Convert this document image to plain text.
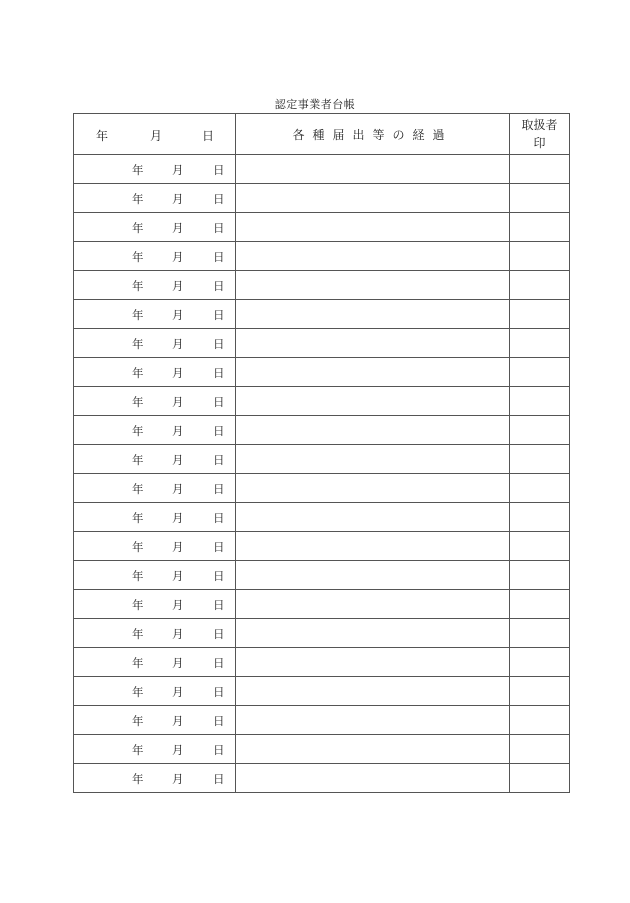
認定事業者台帳
年 月 日	各種届出等の経過	取扱者
印

年 月 日		

年 月 日		

年 月 日		

年 月 日		

年 月 日		

年 月 日		

年 月 日		

年 月 日		

年 月 日		

年 月 日		

年 月 日		

年 月 日		

年 月 日		

年 月 日		

年 月 日		

年 月 日		

年 月 日		

年 月 日		

年 月 日		

年 月 日		

年 月 日		

年 月 日		
